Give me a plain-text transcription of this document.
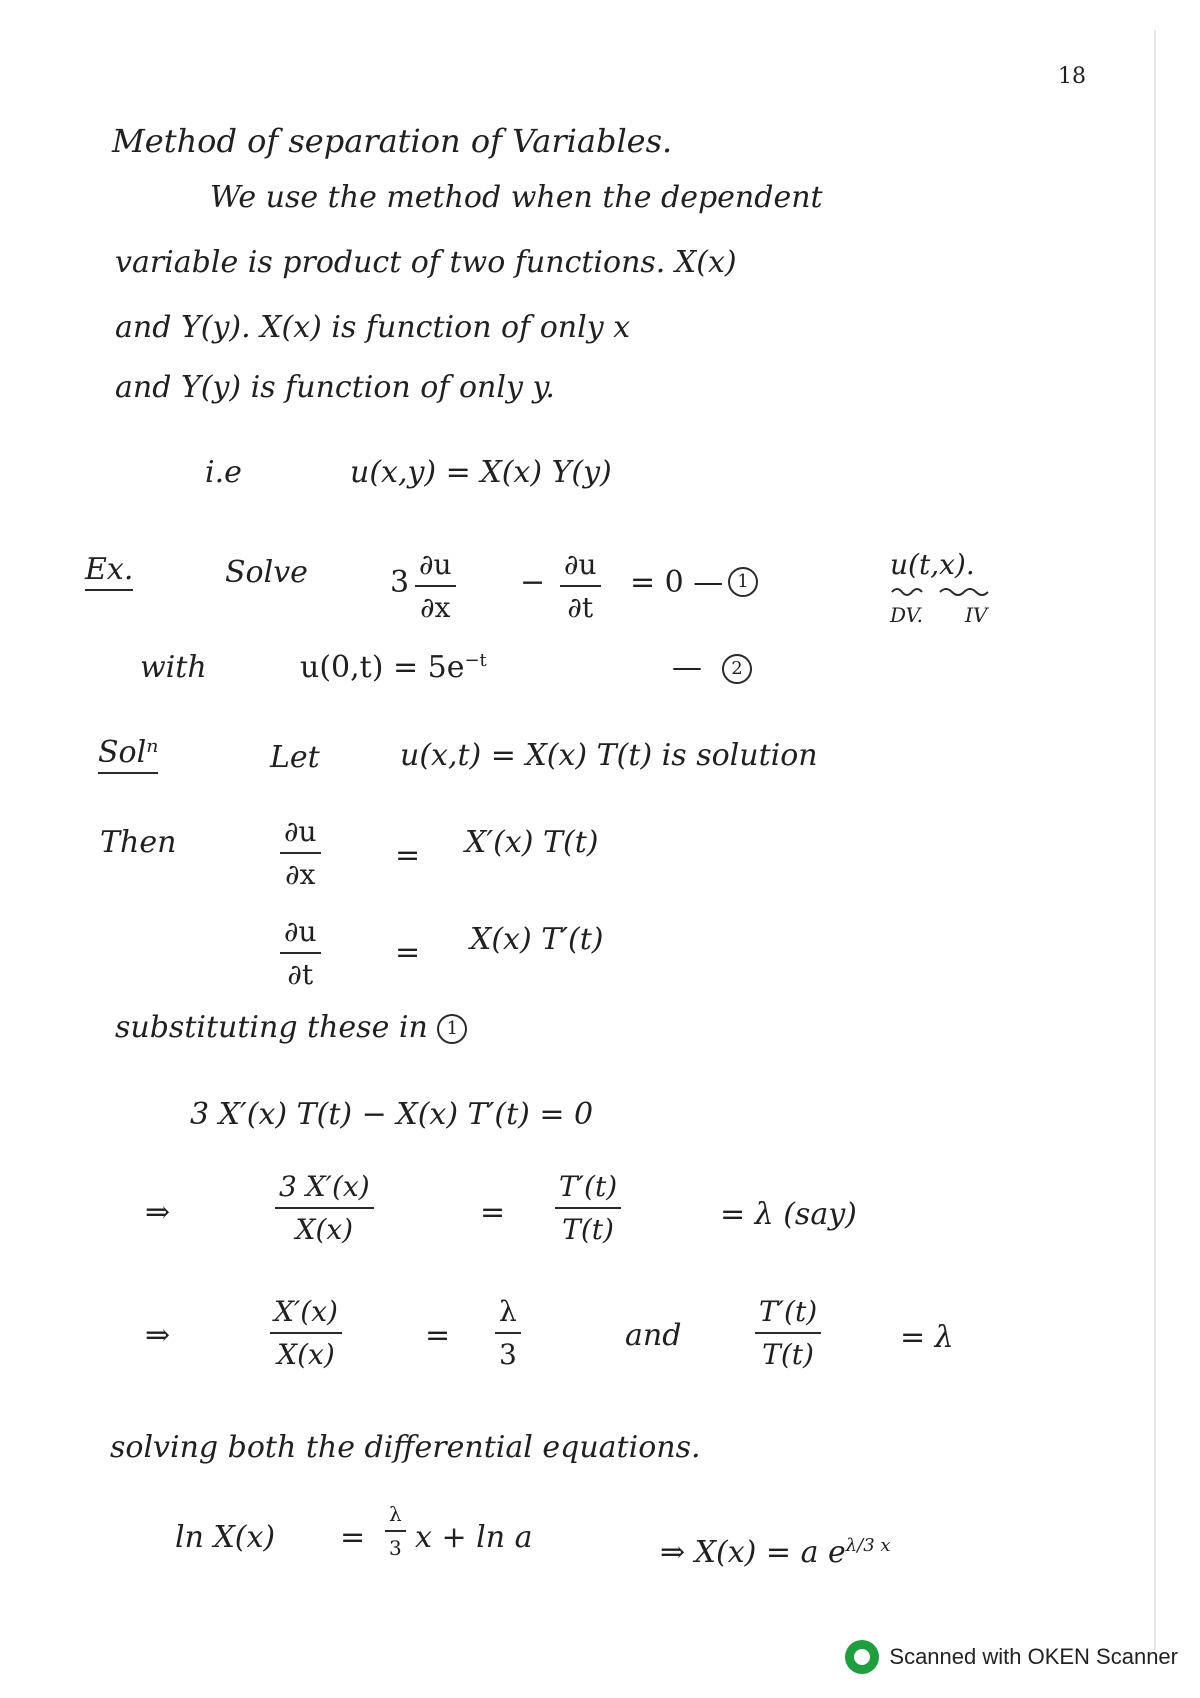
18
Method of separation of Variables.
We use the method when the dependent
variable is product of two functions. X(x)
and Y(y). X(x) is function of only x
and Y(y) is function of only y.
i.e	u(x,y) = X(x) Y(y)
Ex.	Solve	3
∂u
∂x
−
∂u
∂t
= 0 — 1
u(t,x).
DV. IV
with	$u(0,t) = 5e^{-t}$	—	2
Solⁿ	Let	u(x,t) = X(x) T(t) is solution
Then	∂u
∂x
= X′(x) T(t)
∂u
∂t
= X(x) T′(t)
substituting these in 1
3 X′(x) T(t) − X(x) T′(t) = 0
⇒
3 X′(x)
X(x)	=
T′(t)
T(t)	= λ (say)
⇒
X′(x)
X(x)
=
λ
3
and
T′(t)
T(t)	= λ
solving both the differential equations.
ln X(x) =
λ
3 x + ln a	⇒ X(x) = a $e^{\lambda/3 x}$
Scanned with OKEN Scanner
